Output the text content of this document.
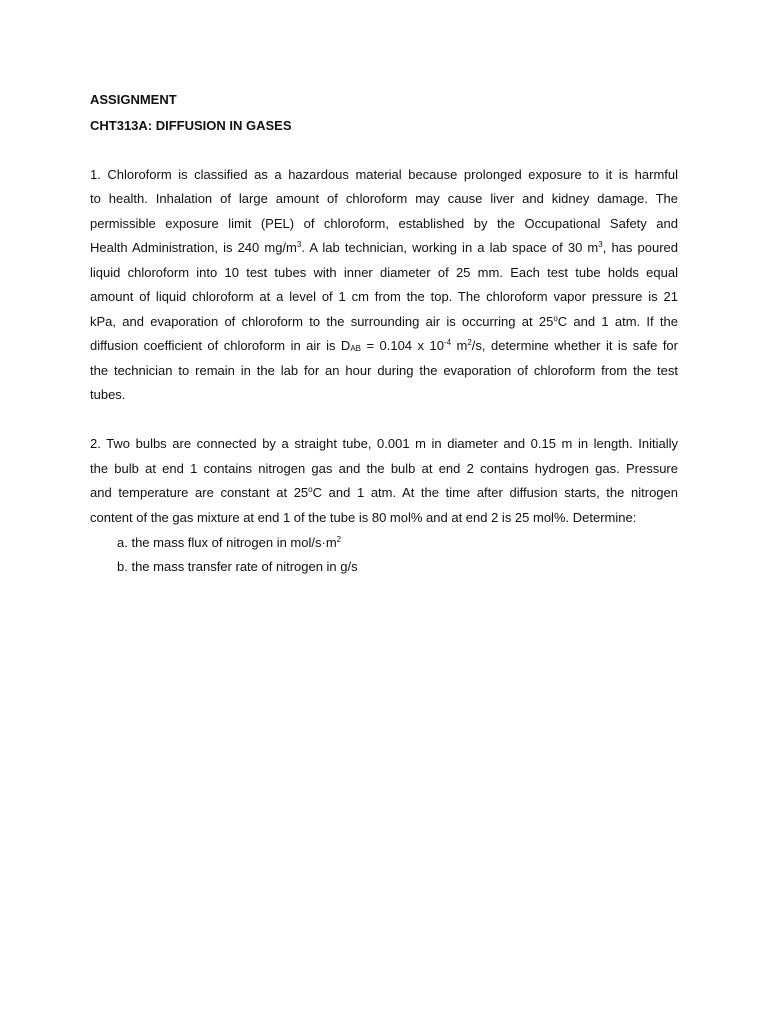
ASSIGNMENT

CHT313A: DIFFUSION IN GASES

1. Chloroform is classified as a hazardous material because prolonged exposure to it is harmful
to health. Inhalation of large amount of chloroform may cause liver and kidney damage. The
permissible exposure limit (PEL) of chloroform, established by the Occupational Safety and
Health Administration, is 240 $mg/m^3$. A lab technician, working in a lab space of 30 $m^3$, has poured
liquid chloroform into 10 test tubes with inner diameter of 25 mm. Each test tube holds equal
amount of liquid chloroform at a level of 1 cm from the top. The chloroform vapor pressure is 21
kPa, and evaporation of chloroform to the surrounding air is occurring at 25$^o$C and 1 atm. If the
diffusion coefficient of chloroform in air is $D_{AB} = 0.104$ x $10^{-4}$ $m^2/s$, determine whether it is safe for
the technician to remain in the lab for an hour during the evaporation of chloroform from the test
tubes.
2. Two bulbs are connected by a straight tube, 0.001 m in diameter and 0.15 m in length. Initially
the bulb at end 1 contains nitrogen gas and the bulb at end 2 contains hydrogen gas. Pressure
and temperature are constant at 25$^o$C and 1 atm. At the time after diffusion starts, the nitrogen
content of the gas mixture at end 1 of the tube is 80 mol% and at end 2 is 25 mol%. Determine:
a. the mass flux of nitrogen in mol/$s\cdot m^2$
b. the mass transfer rate of nitrogen in g/s
